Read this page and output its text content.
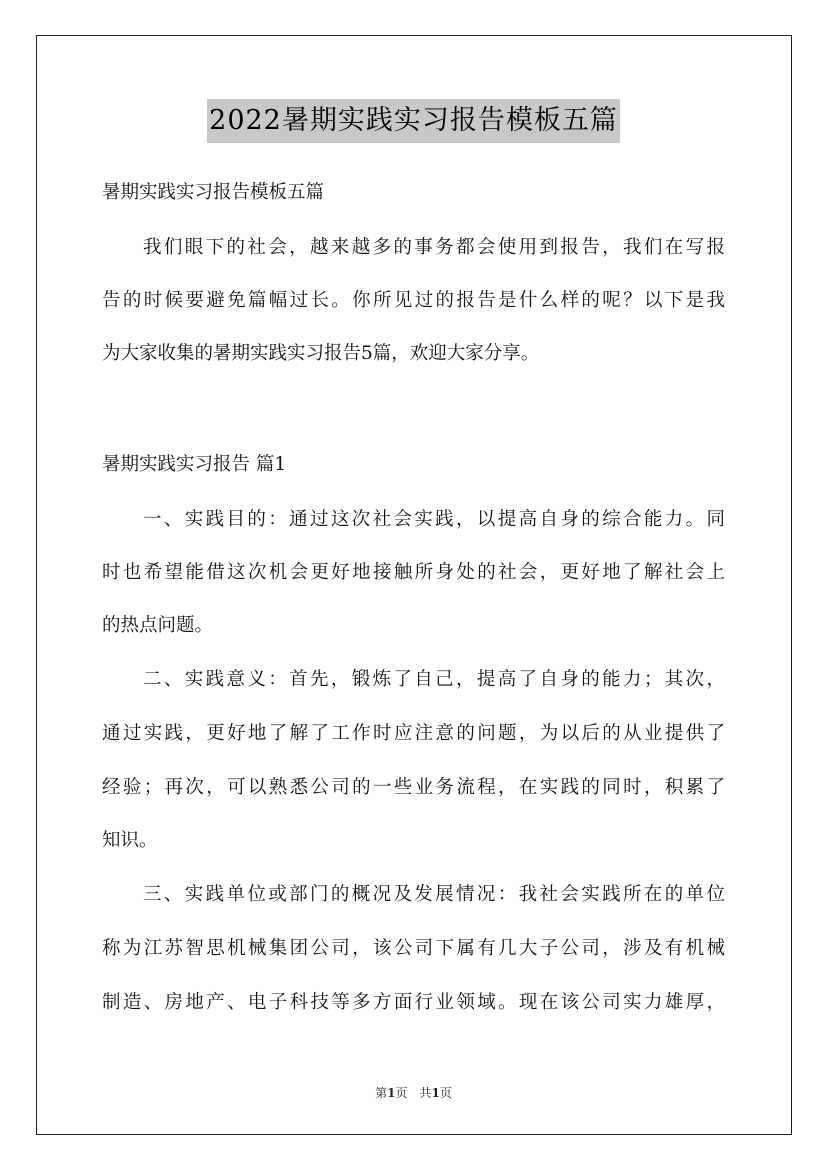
2022暑期实践实习报告模板五篇
暑期实践实习报告模板五篇
我们眼下的社会，越来越多的事务都会使用到报告，我们在写报
告的时候要避免篇幅过长。你所见过的报告是什么样的呢？以下是我
为大家收集的暑期实践实习报告5篇，欢迎大家分享。
暑期实践实习报告 篇1
一、实践目的：通过这次社会实践，以提高自身的综合能力。同
时也希望能借这次机会更好地接触所身处的社会，更好地了解社会上
的热点问题。
二、实践意义：首先，锻炼了自己，提高了自身的能力；其次，
通过实践，更好地了解了工作时应注意的问题，为以后的从业提供了
经验；再次，可以熟悉公司的一些业务流程，在实践的同时，积累了
知识。
三、实践单位或部门的概况及发展情况：我社会实践所在的单位
称为江苏智思机械集团公司，该公司下属有几大子公司，涉及有机械
制造、房地产、电子科技等多方面行业领域。现在该公司实力雄厚，
第1页　共1页
